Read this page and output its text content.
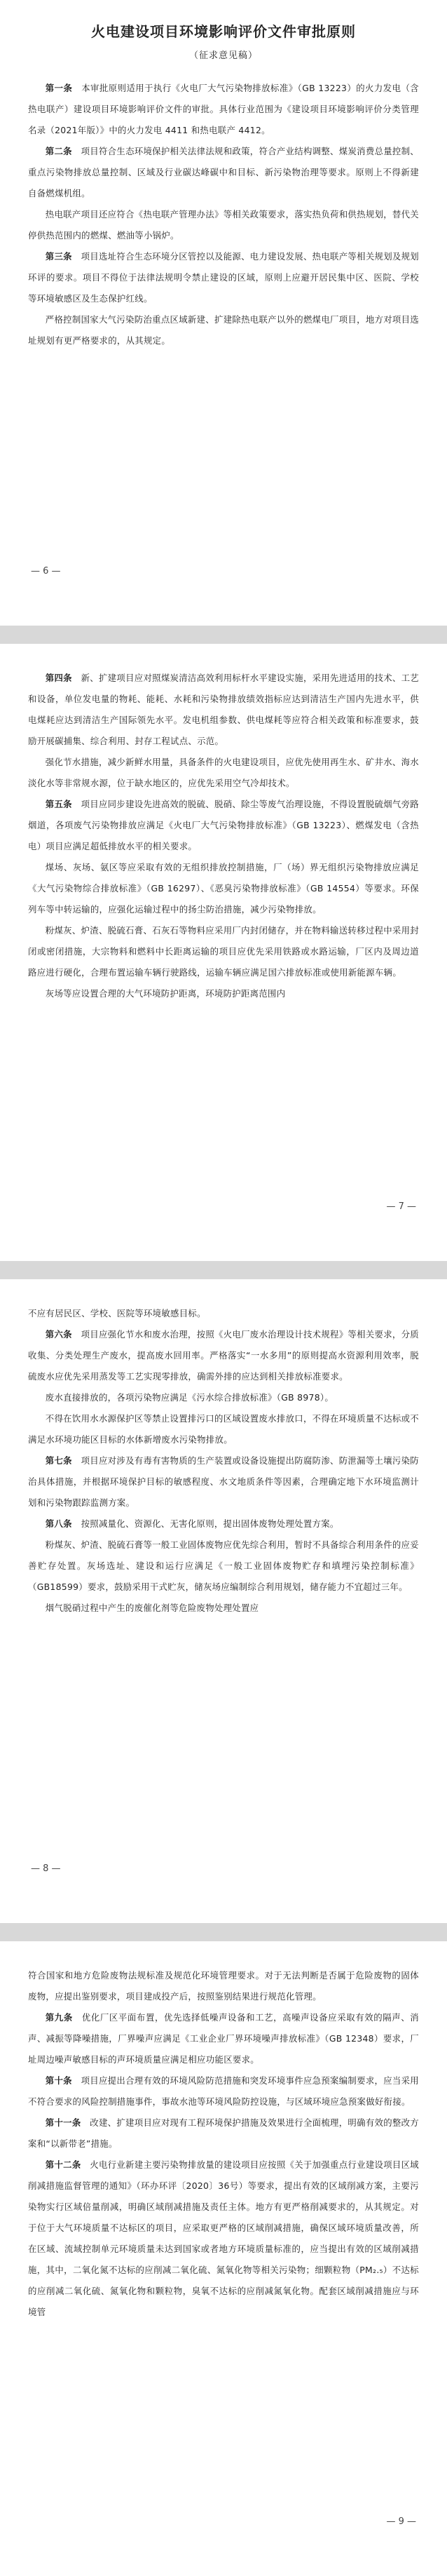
火电建设项目环境影响评价文件审批原则
（征求意见稿）

第一条　 本审批原则适用于执行《火电厂大气污染物排放标准》（GB 13223）的火力发电（含热电联产）建设项目环境影响评价文件的审批。具体行业范围为《建设项目环境影响评价分类管理名录（2021年版）》中的火力发电 4411 和热电联产 4412。

第二条　 项目符合生态环境保护相关法律法规和政策，符合产业结构调整、煤炭消费总量控制、重点污染物排放总量控制、区域及行业碳达峰碳中和目标、新污染物治理等要求。原则上不得新建自备燃煤机组。

热电联产项目还应符合《热电联产管理办法》等相关政策要求，落实热负荷和供热规划，替代关停供热范围内的燃煤、燃油等小锅炉。

第三条　 项目选址符合生态环境分区管控以及能源、电力建设发展、热电联产等相关规划及规划环评的要求。项目不得位于法律法规明令禁止建设的区域，原则上应避开居民集中区、医院、学校等环境敏感区及生态保护红线。

严格控制国家大气污染防治重点区域新建、扩建除热电联产以外的燃煤电厂项目，地方对项目选址规划有更严格要求的，从其规定。

— 6 —

第四条　 新、扩建项目应对照煤炭清洁高效利用标杆水平建设实施，采用先进适用的技术、工艺和设备，单位发电量的物耗、能耗、水耗和污染物排放绩效指标应达到清洁生产国内先进水平，供电煤耗应达到清洁生产国际领先水平。发电机组参数、供电煤耗等应符合相关政策和标准要求，鼓励开展碳捕集、综合利用、封存工程试点、示范。

强化节水措施，减少新鲜水用量，具备条件的火电建设项目，应优先使用再生水、矿井水、海水淡化水等非常规水源，位于缺水地区的，应优先采用空气冷却技术。

第五条　 项目应同步建设先进高效的脱硫、脱硝、除尘等废气治理设施，不得设置脱硫烟气旁路烟道，各项废气污染物排放应满足《火电厂大气污染物排放标准》（GB 13223）、燃煤发电（含热电）项目应满足超低排放水平的相关要求。

煤场、灰场、氨区等应采取有效的无组织排放控制措施，厂（场）界无组织污染物排放应满足《大气污染物综合排放标准》（GB 16297）、《恶臭污染物排放标准》（GB 14554）等要求。环保列车等中转运输的，应强化运输过程中的扬尘防治措施，减少污染物排放。

粉煤灰、炉渣、脱硫石膏、石灰石等物料应采用厂内封闭储存，并在物料输送转移过程中采用封闭或密闭措施，大宗物料和燃料中长距离运输的项目应优先采用铁路或水路运输，厂区内及周边道路应进行硬化，合理布置运输车辆行驶路线，运输车辆应满足国六排放标准或使用新能源车辆。

灰场等应设置合理的大气环境防护距离，环境防护距离范围内

— 7 —

不应有居民区、学校、医院等环境敏感目标。

第六条　 项目应强化节水和废水治理，按照《火电厂废水治理设计技术规程》等相关要求，分质收集、分类处理生产废水，提高废水回用率。严格落实“一水多用”的原则提高水资源利用效率，脱硫废水应优先采用蒸发等工艺实现零排放，确需外排的应达到相关排放标准要求。

废水直接排放的，各项污染物应满足《污水综合排放标准》（GB 8978）。

不得在饮用水水源保护区等禁止设置排污口的区域设置废水排放口，不得在环境质量不达标或不满足水环境功能区目标的水体新增废水污染物排放。

第七条　 项目应对涉及有毒有害物质的生产装置或设备设施提出防腐防渗、防泄漏等土壤污染防治具体措施，并根据环境保护目标的敏感程度、水文地质条件等因素，合理确定地下水环境监测计划和污染物跟踪监测方案。

第八条　 按照减量化、资源化、无害化原则，提出固体废物处理处置方案。

粉煤灰、炉渣、脱硫石膏等一般工业固体废物应优先综合利用，暂时不具备综合利用条件的应妥善贮存处置。灰场选址、建设和运行应满足《一般工业固体废物贮存和填埋污染控制标准》（GB18599）要求，鼓励采用干式贮灰，储灰场应编制综合利用规划，储存能力不宜超过三年。

烟气脱硝过程中产生的废催化剂等危险废物处理处置应

— 8 —

符合国家和地方危险废物法规标准及规范化环境管理要求。对于无法判断是否属于危险废物的固体废物，应提出鉴别要求，项目建成投产后，按照鉴别结果进行规范化管理。

第九条　 优化厂区平面布置，优先选择低噪声设备和工艺，高噪声设备应采取有效的隔声、消声、减振等降噪措施，厂界噪声应满足《工业企业厂界环境噪声排放标准》（GB 12348）要求，厂址周边噪声敏感目标的声环境质量应满足相应功能区要求。

第十条　 项目应提出合理有效的环境风险防范措施和突发环境事件应急预案编制要求，应当采用不符合要求的风险控制措施事件，事故水池等环境风险防控设施，与区域环境应急预案做好衔接。

第十一条　 改建、扩建项目应对现有工程环境保护措施及效果进行全面梳理，明确有效的整改方案和“以新带老”措施。

第十二条　 火电行业新建主要污染物排放量的建设项目应按照《关于加强重点行业建设项目区域削减措施监督管理的通知》（环办环评〔2020〕36号）等要求，提出有效的区域削减方案，主要污染物实行区域倍量削减，明确区域削减措施及责任主体。地方有更严格削减要求的，从其规定。对于位于大气环境质量不达标区的项目，应采取更严格的区域削减措施，确保区域环境质量改善，所在区域、流域控制单元环境质量未达到国家或者地方环境质量标准的，应当提出有效的区域削减措施，其中，二氧化氮不达标的应削减二氧化硫、氮氧化物等相关污染物；细颗粒物（PM₂.₅）不达标的应削减二氧化硫、氮氧化物和颗粒物，臭氧不达标的应削减氮氧化物。配套区域削减措施应与环境管

— 9 —
